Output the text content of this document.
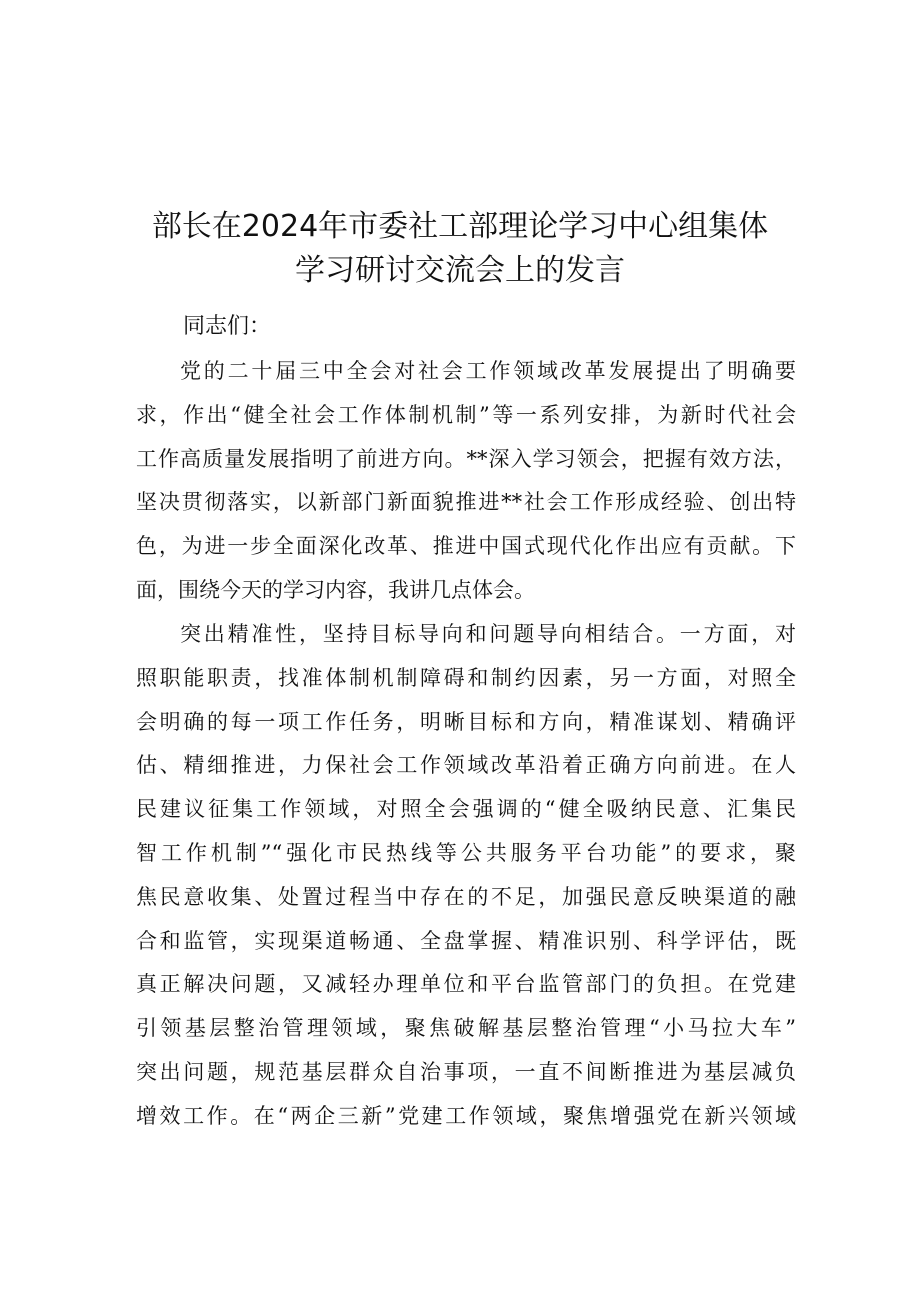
部长在2024年市委社工部理论学习中心组集体
学习研讨交流会上的发言
同志们：
党的二十届三中全会对社会工作领域改革发展提出了明确要
求，作出“健全社会工作体制机制”等一系列安排，为新时代社会
工作高质量发展指明了前进方向。**深入学习领会，把握有效方法，
坚决贯彻落实，以新部门新面貌推进**社会工作形成经验、创出特
色，为进一步全面深化改革、推进中国式现代化作出应有贡献。下
面，围绕今天的学习内容，我讲几点体会。
突出精准性，坚持目标导向和问题导向相结合。一方面，对
照职能职责，找准体制机制障碍和制约因素，另一方面，对照全
会明确的每一项工作任务，明晰目标和方向，精准谋划、精确评
估、精细推进，力保社会工作领域改革沿着正确方向前进。在人
民建议征集工作领域，对照全会强调的“健全吸纳民意、汇集民
智工作机制”“强化市民热线等公共服务平台功能”的要求，聚
焦民意收集、处置过程当中存在的不足，加强民意反映渠道的融
合和监管，实现渠道畅通、全盘掌握、精准识别、科学评估，既
真正解决问题，又减轻办理单位和平台监管部门的负担。在党建
引领基层整治管理领域，聚焦破解基层整治管理“小马拉大车”
突出问题，规范基层群众自治事项，一直不间断推进为基层减负
增效工作。在“两企三新”党建工作领域，聚焦增强党在新兴领域
